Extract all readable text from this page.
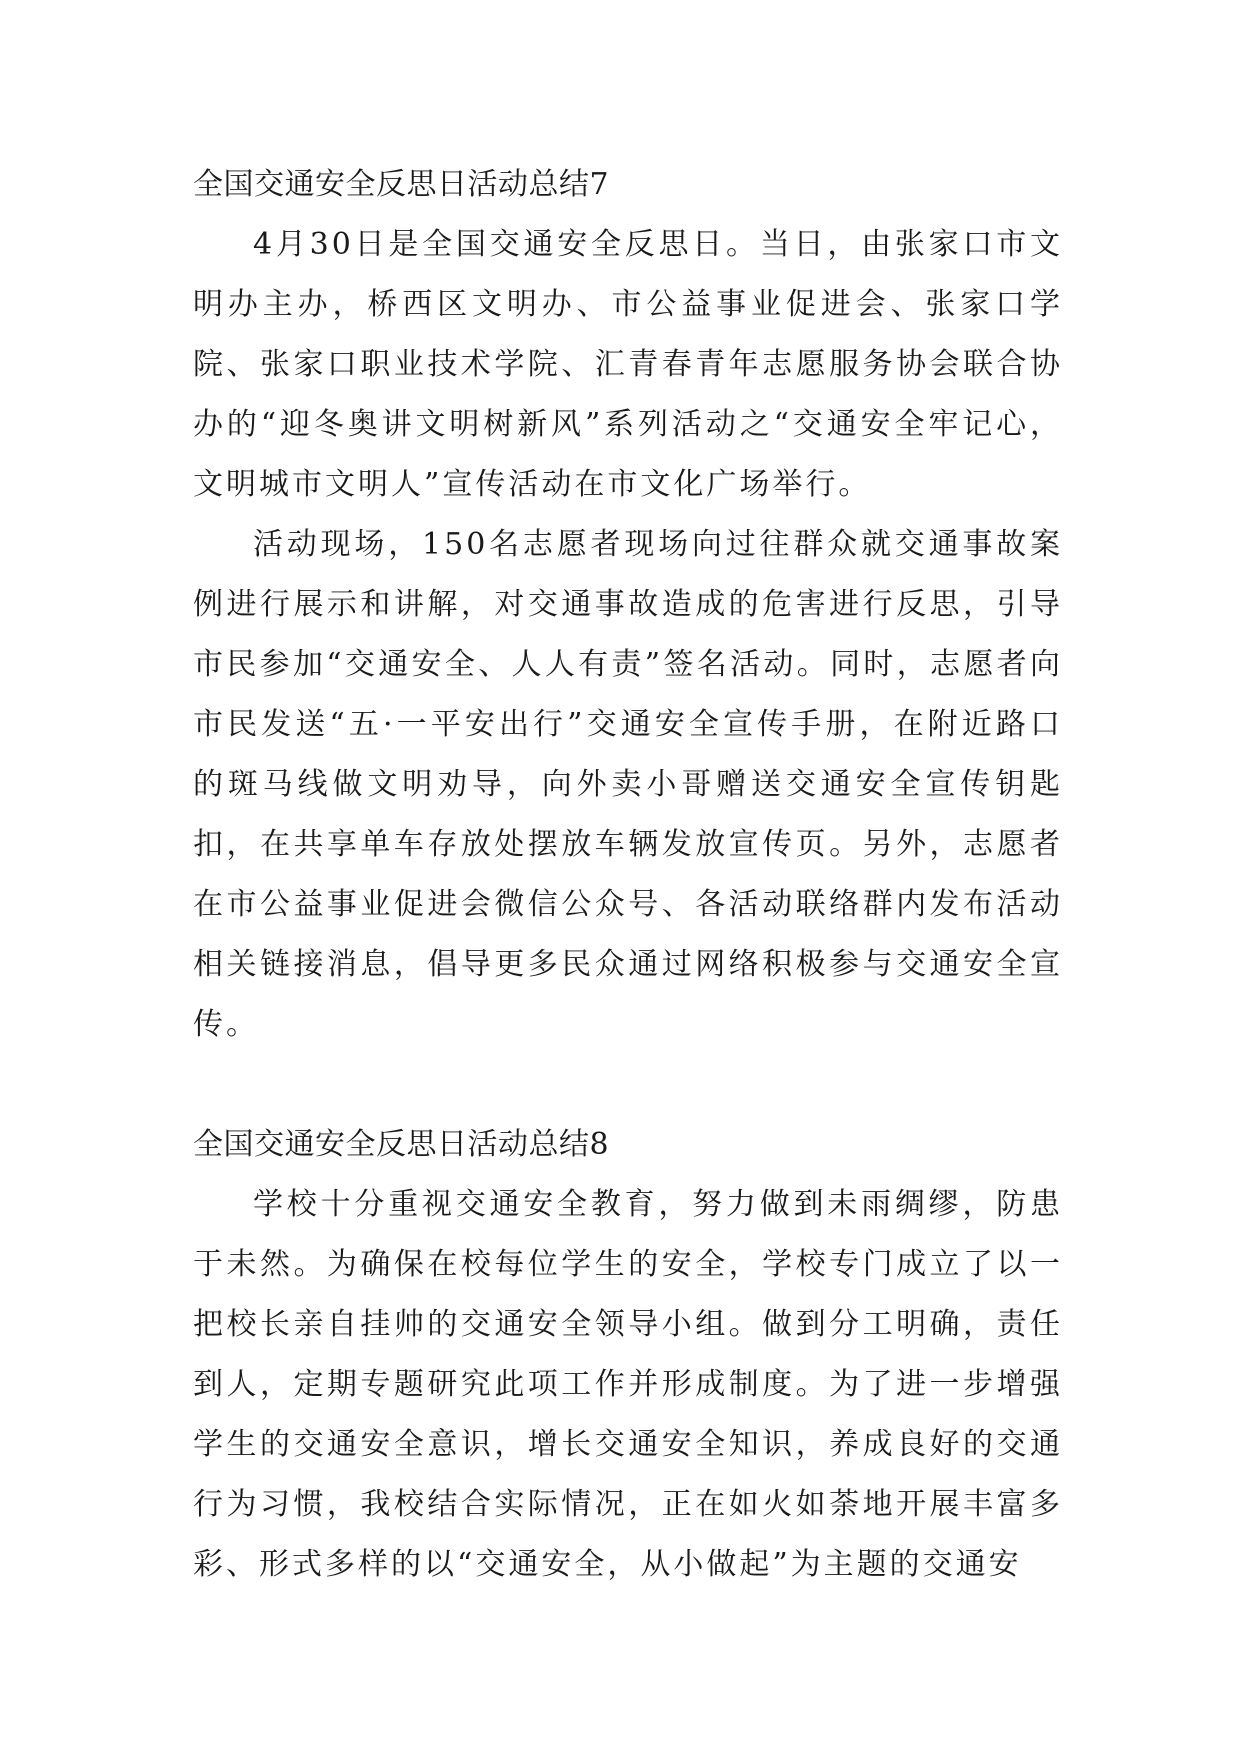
全国交通安全反思日活动总结7

4月30日是全国交通安全反思日。当日，由张家口市文明办主办，桥西区文明办、市公益事业促进会、张家口学院、张家口职业技术学院、汇青春青年志愿服务协会联合协办的“迎冬奥讲文明树新风”系列活动之“交通安全牢记心，文明城市文明人”宣传活动在市文化广场举行。

活动现场，150名志愿者现场向过往群众就交通事故案例进行展示和讲解，对交通事故造成的危害进行反思，引导市民参加“交通安全、人人有责”签名活动。同时，志愿者向市民发送“五·一平安出行”交通安全宣传手册，在附近路口的斑马线做文明劝导，向外卖小哥赠送交通安全宣传钥匙扣，在共享单车存放处摆放车辆发放宣传页。另外，志愿者在市公益事业促进会微信公众号、各活动联络群内发布活动相关链接消息，倡导更多民众通过网络积极参与交通安全宣传。

全国交通安全反思日活动总结8

学校十分重视交通安全教育，努力做到未雨绸缪，防患于未然。为确保在校每位学生的安全，学校专门成立了以一把校长亲自挂帅的交通安全领导小组。做到分工明确，责任到人，定期专题研究此项工作并形成制度。为了进一步增强学生的交通安全意识，增长交通安全知识，养成良好的交通行为习惯，我校结合实际情况，正在如火如荼地开展丰富多彩、形式多样的以“交通安全，从小做起”为主题的交通安
